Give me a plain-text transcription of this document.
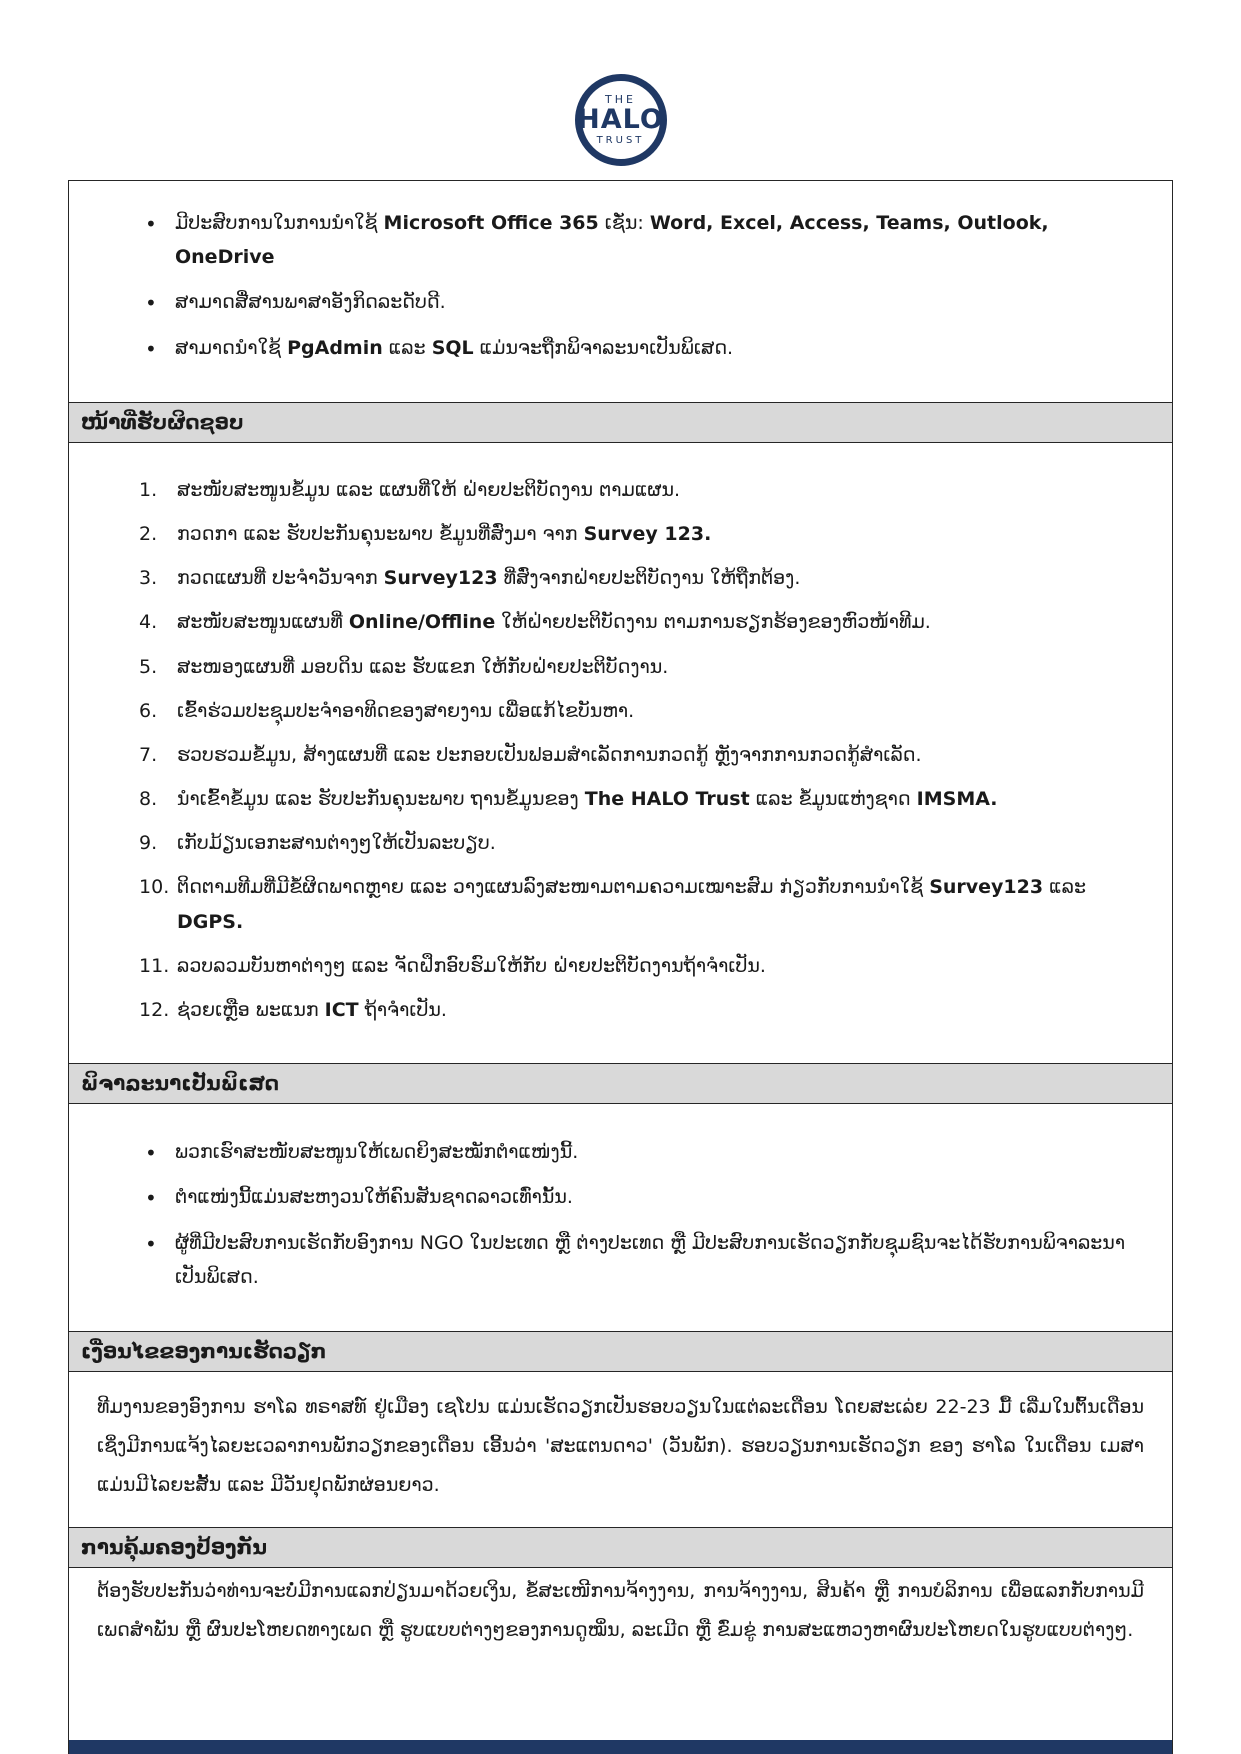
THE
HALO
TRUST
• ມີປະສົບການໃນການນຳໃຊ້ Microsoft Office 365 ເຊັ່ນ: Word, Excel, Access, Teams, Outlook, OneDrive
• ສາມາດສື່ສານພາສາອັງກິດລະດັບດີ.
• ສາມາດນຳໃຊ້ PgAdmin ແລະ SQL ແມ່ນຈະຖືກພິຈາລະນາເປັນພິເສດ.
ໜ້າທີ່ຮັບຜິດຊອບ
ສະໜັບສະໜູນຂໍ້ມູນ ແລະ ແຜນທີ່ໃຫ້ ຝ່າຍປະຕິບັດງານ ຕາມແຜນ.
ກວດກາ ແລະ ຮັບປະກັນຄຸນະພາບ ຂໍ້ມູນທີ່ສົ່ງມາ ຈາກ Survey 123.
ກວດແຜນທີ່ ປະຈຳວັນຈາກ Survey123 ທີ່ສົ່ງຈາກຝ່າຍປະຕິບັດງານ ໃຫ້ຖືກຕ້ອງ.
ສະໜັບສະໜູນແຜນທີ່ Online/Offline ໃຫ້ຝ່າຍປະຕິບັດງານ ຕາມການຮຽກຮ້ອງຂອງຫົວໜ້າທີມ.
ສະໜອງແຜນທີ່ ມອບດິນ ແລະ ຮັບແຂກ ໃຫ້ກັບຝ່າຍປະຕິບັດງານ.
ເຂົ້າຮ່ວມປະຊຸມປະຈຳອາທິດຂອງສາຍງານ ເພື່ອແກ້ໄຂບັນຫາ.
ຮວບຮວມຂໍ້ມູນ, ສ້າງແຜນທີ່ ແລະ ປະກອບເປັນຟອມສຳເລັດການກວດກູ້ ຫຼັງຈາກການກວດກູ້ສຳເລັດ.
ນຳເຂົ້າຂໍ້ມູນ ແລະ ຮັບປະກັນຄຸນະພາບ ຖານຂໍ້ມູນຂອງ The HALO Trust ແລະ ຂໍ້ມູນແຫ່ງຊາດ IMSMA.
ເກັບມ້ຽນເອກະສານຕ່າງໆໃຫ້ເປັນລະບຽບ.
ຕິດຕາມທີມທີ່ມີຂໍ້ຜິດພາດຫຼາຍ ແລະ ວາງແຜນລົງສະໜາມຕາມຄວາມເໝາະສົມ ກ່ຽວກັບການນຳໃຊ້ Survey123 ແລະ DGPS.
ລວບລວມບັນຫາຕ່າງໆ ແລະ ຈັດຝຶກອົບຮົມໃຫ້ກັບ ຝ່າຍປະຕິບັດງານຖ້າຈຳເປັນ.
ຊ່ວຍເຫຼືອ ພະແນກ ICT ຖ້າຈຳເປັນ.
ພິຈາລະນາເປັນພິເສດ
• ພວກເຮົາສະໜັບສະໜູນໃຫ້ເພດຍິງສະໝັກຕຳແໜ່ງນີ້.
• ຕຳແໜ່ງນີ້ແມ່ນສະຫງວນໃຫ້ຄົນສັນຊາດລາວເທົ່ານັ້ນ.
• ຜູ້ທີ່ມີປະສົບການເຮັດກັບອົງການ NGO ໃນປະເທດ ຫຼື ຕ່າງປະເທດ ຫຼື ມີປະສົບການເຮັດວຽກກັບຊຸມຊົນຈະໄດ້ຮັບການພິຈາລະນາເປັນພິເສດ.
ເງື່ອນໄຂຂອງການເຮັດວຽກ

ທີມງານຂອງອົງການ ຮາໂລ ທຣາສທ໌ ຢູ່ເມືອງ ເຊໂປນ ແມ່ນເຮັດວຽກເປັນຮອບວຽນໃນແຕ່ລະເດືອນ ໂດຍສະເລ່ຍ 22-23 ມື້ ເລີ່ມໃນຕົ້ນເດືອນ ເຊິ່ງມີການແຈ້ງໄລຍະເວລາການພັກວຽກຂອງເດືອນ ເອີ້ນວ່າ 'ສະແຕນດາວ' (ວັນພັກ). ຮອບວຽນການເຮັດວຽກ ຂອງ ຮາໂລ ໃນເດືອນ ເມສາ ແມ່ນມີໄລຍະສັ້ນ ແລະ ມີວັນຢຸດພັກຜ່ອນຍາວ.

ການຄຸ້ມຄອງປ້ອງກັນ

ຕ້ອງຮັບປະກັນວ່າທ່ານຈະບໍ່ມີການແລກປ່ຽນມາດ້ວຍເງິນ, ຂໍ້ສະເໜີການຈ້າງງານ, ການຈ້າງງານ, ສິນຄ້າ ຫຼື ການບໍລິການ ເພື່ອແລກກັບການມີເພດສຳພັນ ຫຼື ຜົນປະໂຫຍດທາງເພດ ຫຼື ຮູບແບບຕ່າງໆຂອງການດູໝິ່ນ, ລະເມີດ ຫຼື ຂົ່ມຂູ່ ການສະແຫວງຫາຜົນປະໂຫຍດໃນຮູບແບບຕ່າງໆ.
